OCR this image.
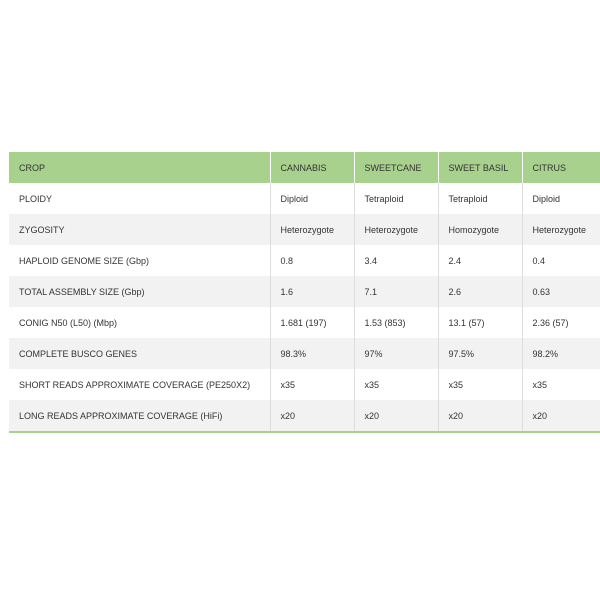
CROP	CANNABIS	SWEETCANE	SWEET BASIL	CITRUS
PLOIDY	Diploid	Tetraploid	Tetraploid	Diploid
ZYGOSITY	Heterozygote	Heterozygote	Homozygote	Heterozygote
HAPLOID GENOME SIZE (Gbp)	0.8	3.4	2.4	0.4
TOTAL ASSEMBLY SIZE (Gbp)	1.6	7.1	2.6	0.63
CONIG N50 (L50) (Mbp)	1.681 (197)	1.53 (853)	13.1 (57)	2.36 (57)
COMPLETE BUSCO GENES	98.3%	97%	97.5%	98.2%
SHORT READS APPROXIMATE COVERAGE (PE250X2)	x35	x35	x35	x35
LONG READS APPROXIMATE COVERAGE (HiFi)	x20	x20	x20	x20
